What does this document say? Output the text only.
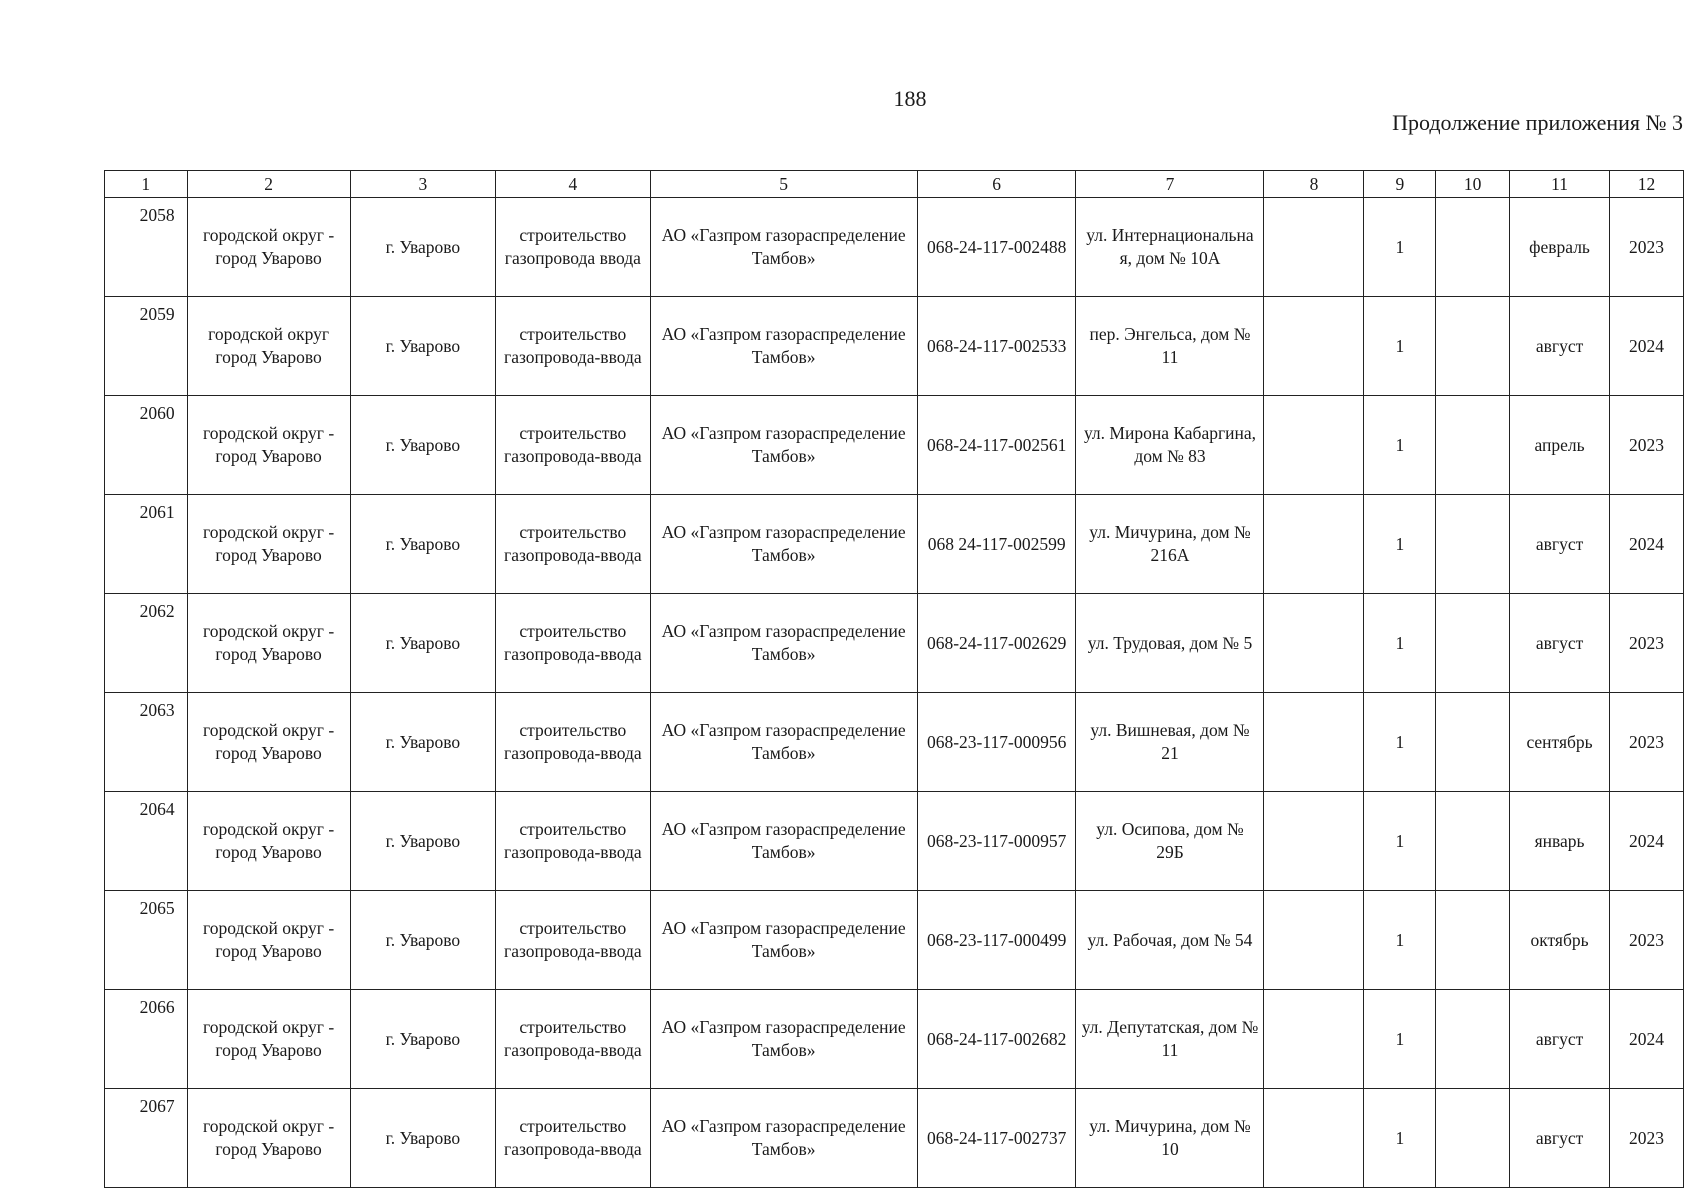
188
Продолжение приложения № 3
1	2	3	4	5	6	7	8	9	10	11	12
2058	городской округ - город Уварово	г. Уварово	строительство газопровода ввода	АО «Газпром газораспределение Тамбов»	068-24-117-002488	ул. Интернациональна я, дом № 10А		1		февраль	2023
2059	городской округ город Уварово	г. Уварово	строительство газопровода-ввода	АО «Газпром газораспределение Тамбов»	068-24-117-002533	пер. Энгельса, дом № 11		1		август	2024
2060	городской округ - город Уварово	г. Уварово	строительство газопровода-ввода	АО «Газпром газораспределение Тамбов»	068-24-117-002561	ул. Мирона Кабаргина, дом № 83		1		апрель	2023
2061	городской округ - город Уварово	г. Уварово	строительство газопровода-ввода	АО «Газпром газораспределение Тамбов»	068 24-117-002599	ул. Мичурина, дом № 216А		1		август	2024
2062	городской округ - город Уварово	г. Уварово	строительство газопровода-ввода	АО «Газпром газораспределение Тамбов»	068-24-117-002629	ул. Трудовая, дом № 5		1		август	2023
2063	городской округ - город Уварово	г. Уварово	строительство газопровода-ввода	АО «Газпром газораспределение Тамбов»	068-23-117-000956	ул. Вишневая, дом № 21		1		сентябрь	2023
2064	городской округ - город Уварово	г. Уварово	строительство газопровода-ввода	АО «Газпром газораспределение Тамбов»	068-23-117-000957	ул. Осипова, дом № 29Б		1		январь	2024
2065	городской округ - город Уварово	г. Уварово	строительство газопровода-ввода	АО «Газпром газораспределение Тамбов»	068-23-117-000499	ул. Рабочая, дом № 54		1		октябрь	2023
2066	городской округ - город Уварово	г. Уварово	строительство газопровода-ввода	АО «Газпром газораспределение Тамбов»	068-24-117-002682	ул. Депутатская, дом № 11		1		август	2024
2067	городской округ - город Уварово	г. Уварово	строительство газопровода-ввода	АО «Газпром газораспределение Тамбов»	068-24-117-002737	ул. Мичурина, дом № 10		1		август	2023
